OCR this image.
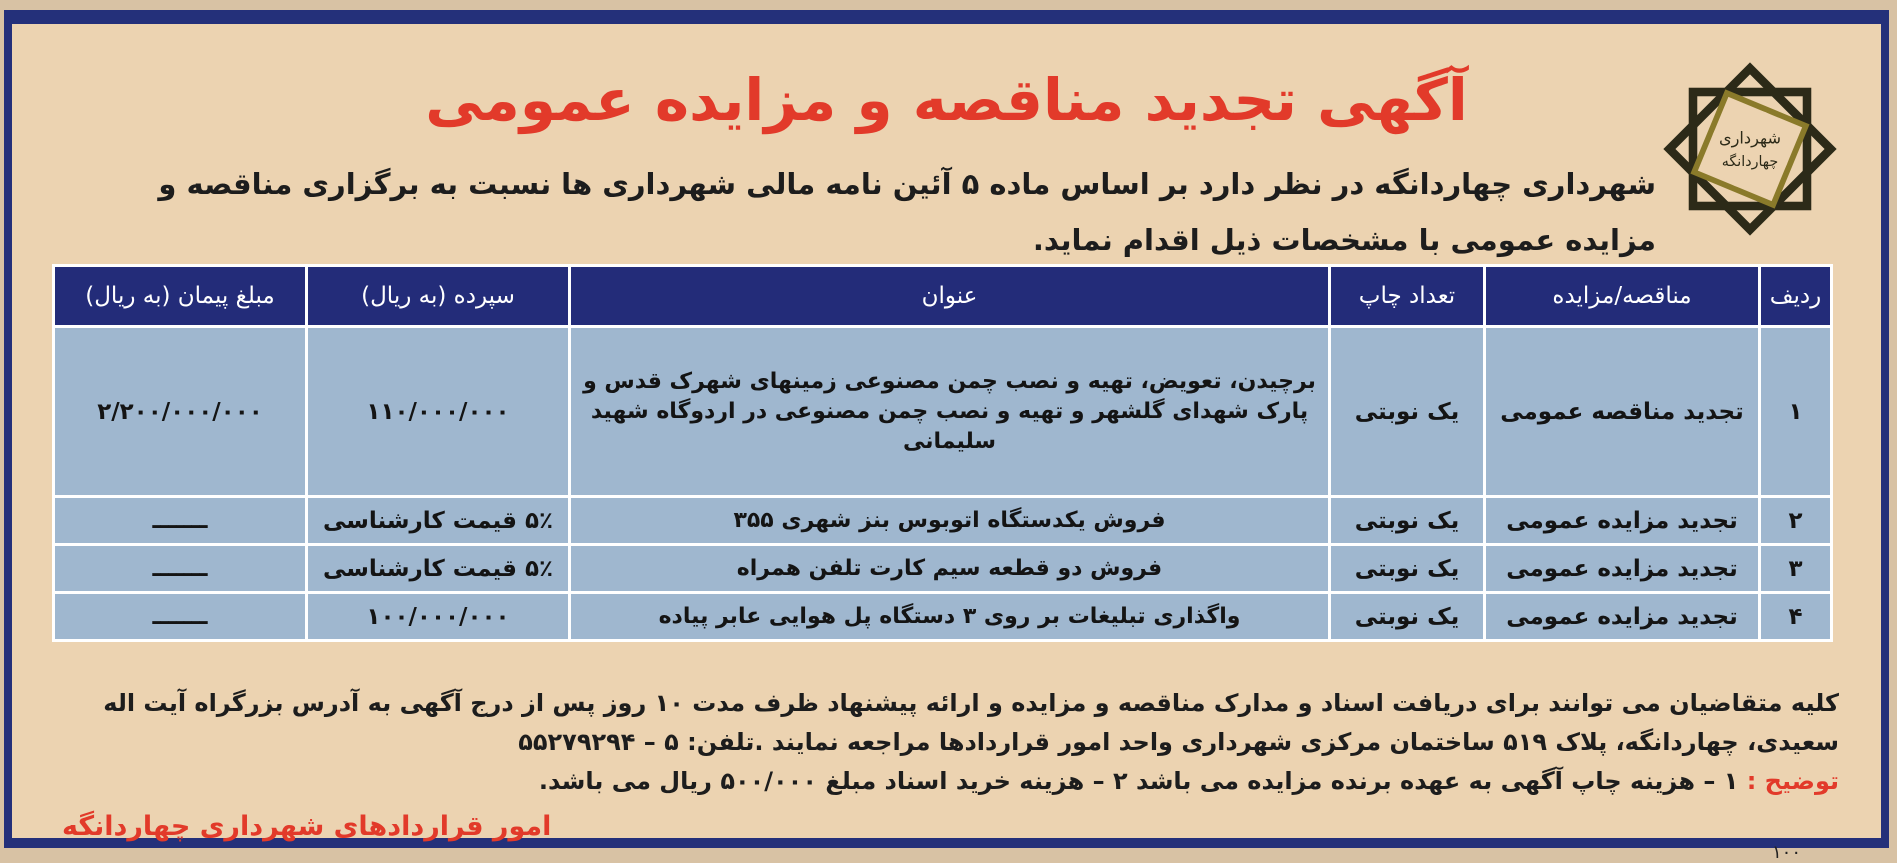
شهرداری
چهاردانگه
آگهی تجدید مناقصه و مزایده عمومی
شهرداری چهاردانگه در نظر دارد بر اساس ماده ۵ آئین نامه مالی شهرداری ها نسبت به برگزاری مناقصه و مزایده عمومی با مشخصات ذیل اقدام نماید.
ردیف	مناقصه/مزایده	تعداد چاپ	عنوان	سپرده (به ریال)	مبلغ پیمان (به ریال)
۱	تجدید مناقصه عمومی	یک نوبتی	برچیدن، تعویض، تهیه و نصب چمن مصنوعی زمینهای شهرک قدس و پارک شهدای گلشهر و تهیه و نصب چمن مصنوعی در اردوگاه شهید سلیمانی	۱۱۰/۰۰۰/۰۰۰	۲/۲۰۰/۰۰۰/۰۰۰
۲	تجدید مزایده عمومی	یک نوبتی	فروش یکدستگاه اتوبوس بنز شهری ۳۵۵	۵٪ قیمت کارشناسی	ـــــــ
۳	تجدید مزایده عمومی	یک نوبتی	فروش دو قطعه سیم کارت تلفن همراه	۵٪ قیمت کارشناسی	ـــــــ
۴	تجدید مزایده عمومی	یک نوبتی	واگذاری تبلیغات بر روی ۳ دستگاه پل هوایی عابر پیاده	۱۰۰/۰۰۰/۰۰۰	ـــــــ
کلیه متقاضیان می توانند برای دریافت اسناد و مدارک مناقصه و مزایده و ارائه پیشنهاد ظرف مدت ۱۰ روز پس از درج آگهی به آدرس بزرگراه آیت اله سعیدی، چهاردانگه، پلاک ۵۱۹ ساختمان مرکزی شهرداری واحد امور قراردادها مراجعه نمایند .تلفن: ۵ – ۵۵۲۷۹۲۹۴
توضیح : ۱ – هزینه چاپ آگهی به عهده برنده مزایده می باشد ۲ – هزینه خرید اسناد مبلغ ۵۰۰/۰۰۰ ریال می باشد.
امور قراردادهای شهرداری چهاردانگه
۱۰۰
